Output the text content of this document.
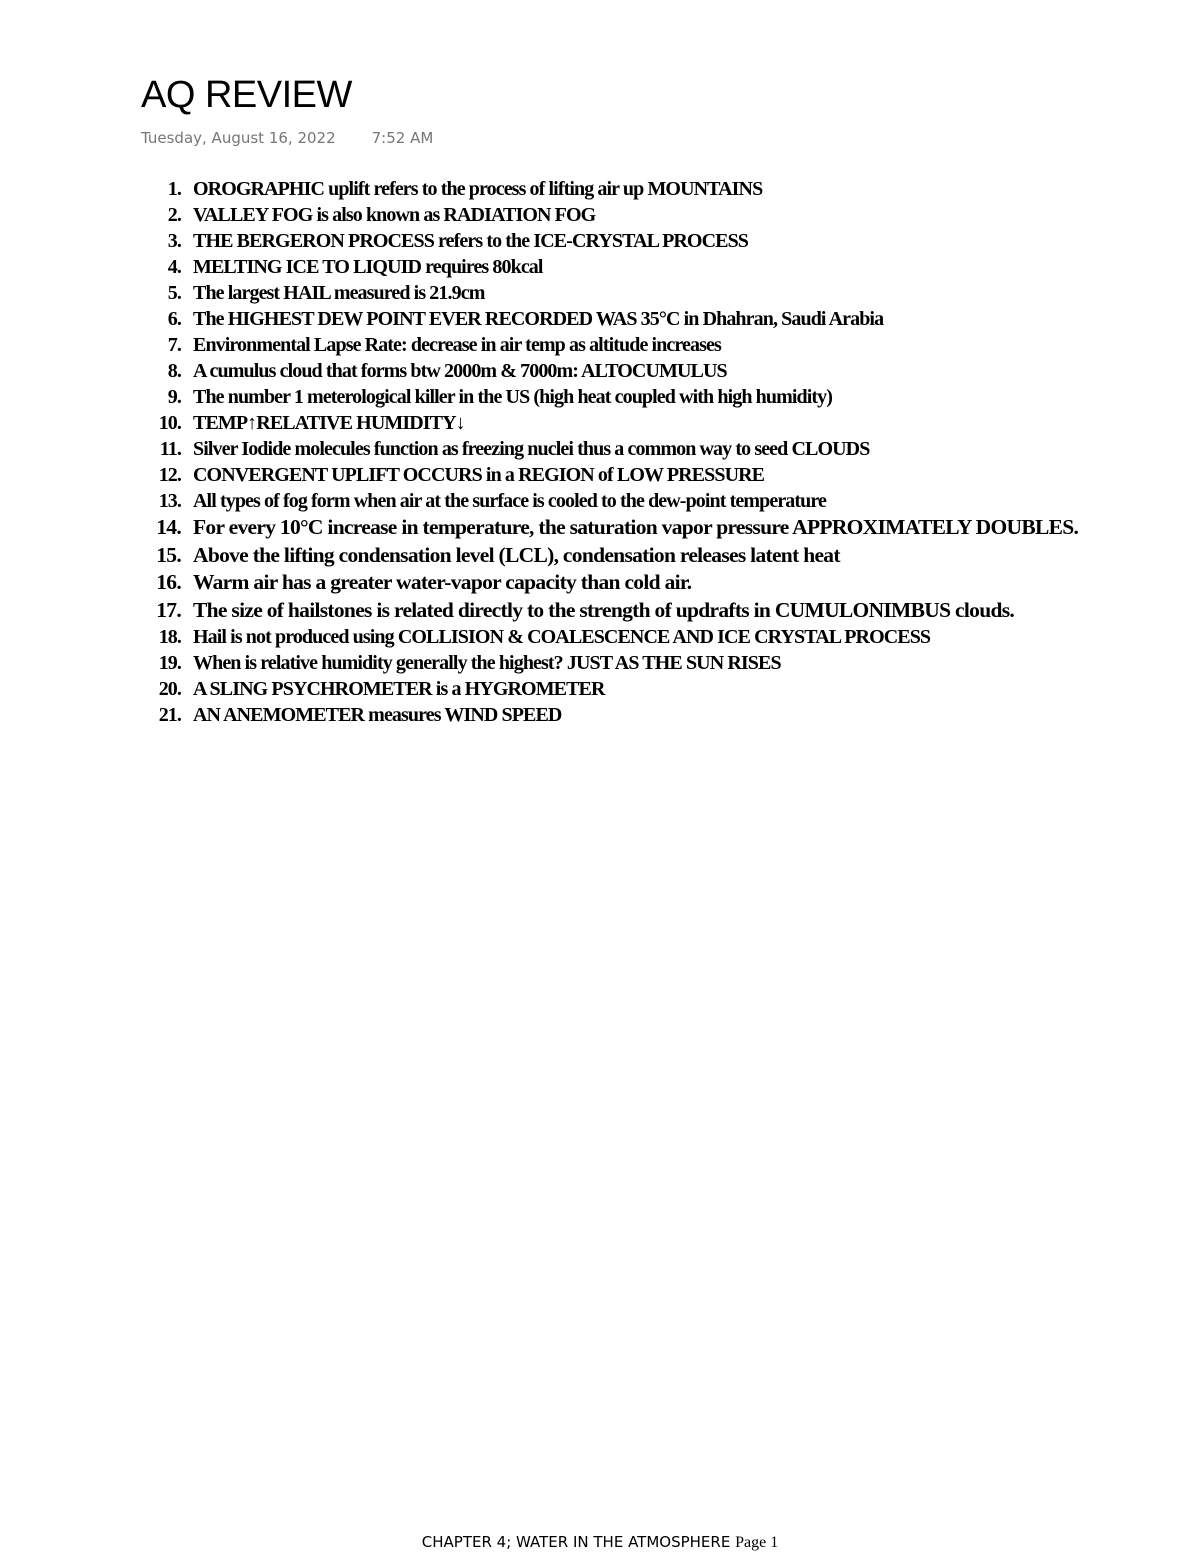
AQ REVIEW
Tuesday, August 16, 2022 7:52 AM
1. OROGRAPHIC uplift refers to the process of lifting air up MOUNTAINS
2. VALLEY FOG is also known as RADIATION FOG
3. THE BERGERON PROCESS refers to the ICE-CRYSTAL PROCESS
4. MELTING ICE TO LIQUID requires 80kcal
5. The largest HAIL measured is 21.9cm
6. The HIGHEST DEW POINT EVER RECORDED WAS 35°C in Dhahran, Saudi Arabia
7. Environmental Lapse Rate: decrease in air temp as altitude increases
8. A cumulus cloud that forms btw 2000m & 7000m: ALTOCUMULUS
9. The number 1 meterological killer in the US (high heat coupled with high humidity)
10. TEMP↑RELATIVE HUMIDITY↓
11. Silver Iodide molecules function as freezing nuclei thus a common way to seed CLOUDS
12. CONVERGENT UPLIFT OCCURS in a REGION of LOW PRESSURE
13. All types of fog form when air at the surface is cooled to the dew-point temperature
14. For every 10°C increase in temperature, the saturation vapor pressure APPROXIMATELY DOUBLES.
15. Above the lifting condensation level (LCL), condensation releases latent heat
16. Warm air has a greater water-vapor capacity than cold air.
17. The size of hailstones is related directly to the strength of updrafts in CUMULONIMBUS clouds.
18. Hail is not produced using COLLISION & COALESCENCE AND ICE CRYSTAL PROCESS
19. When is relative humidity generally the highest? JUST AS THE SUN RISES
20. A SLING PSYCHROMETER is a HYGROMETER
21. AN ANEMOMETER measures WIND SPEED
CHAPTER 4; WATER IN THE ATMOSPHERE Page 1
